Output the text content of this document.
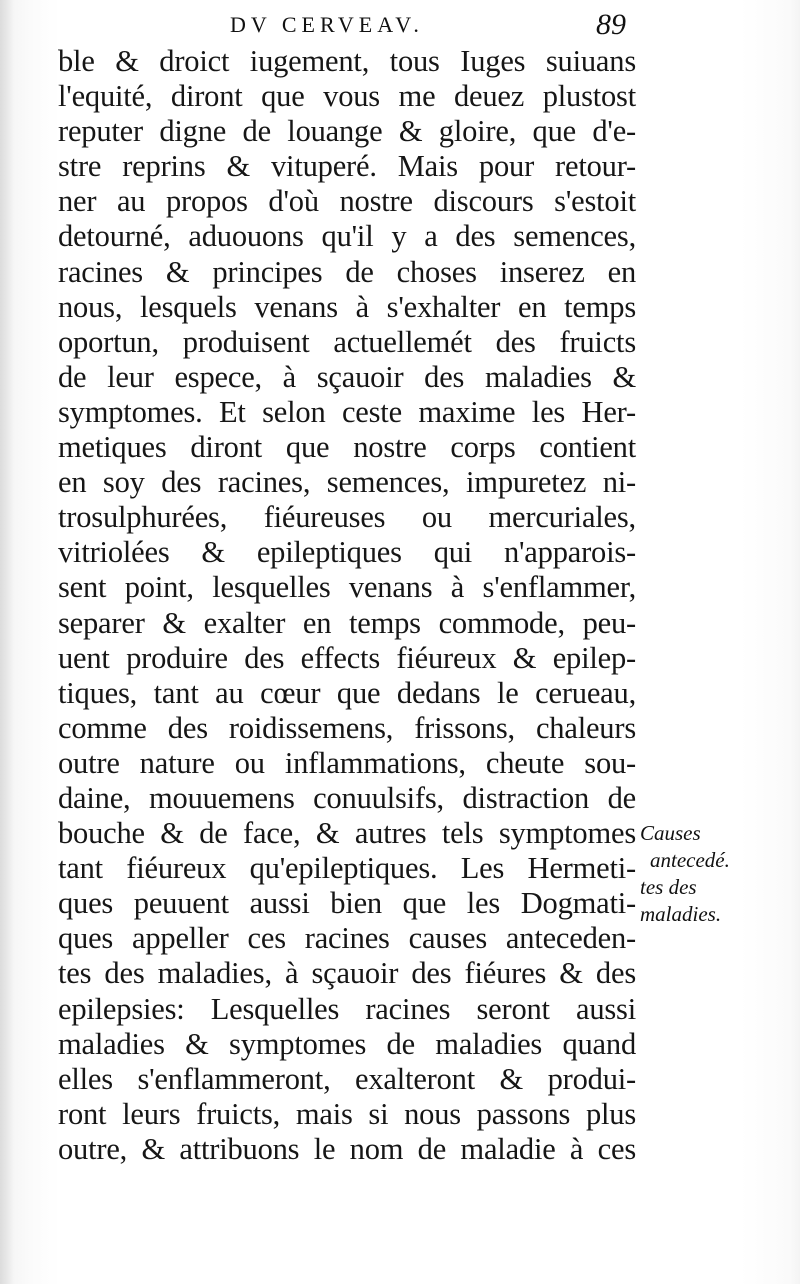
DV CERVEAV.	89
ble & droict iugement, tous Iuges suiuans
l'equité, diront que vous me deuez plustost
reputer digne de louange & gloire, que d'e-
stre reprins & vituperé. Mais pour retour-
ner au propos d'où nostre discours s'estoit
detourné, aduouons qu'il y a des semences,
racines & principes de choses inserez en
nous, lesquels venans à s'exhalter en temps
oportun, produisent actuellemét des fruicts
de leur espece, à sçauoir des maladies &
symptomes. Et selon ceste maxime les Her-
metiques diront que nostre corps contient
en soy des racines, semences, impuretez ni-
trosulphurées, fiéureuses ou mercuriales,
vitriolées & epileptiques qui n'apparois-
sent point, lesquelles venans à s'enflammer,
separer & exalter en temps commode, peu-
uent produire des effects fiéureux & epilep-
tiques, tant au cœur que dedans le cerueau,
comme des roidissemens, frissons, chaleurs
outre nature ou inflammations, cheute sou-
daine, mouuemens conuulsifs, distraction de
bouche & de face, & autres tels symptomes
tant fiéureux qu'epileptiques. Les Hermeti-
ques peuuent aussi bien que les Dogmati-
ques appeller ces racines causes anteceden-
tes des maladies, à sçauoir des fiéures & des
epilepsies: Lesquelles racines seront aussi
maladies & symptomes de maladies quand
elles s'enflammeront, exalteront & produi-
ront leurs fruicts, mais si nous passons plus
outre, & attribuons le nom de maladie à ces
Causes
antecedé.
tes des
maladies.
